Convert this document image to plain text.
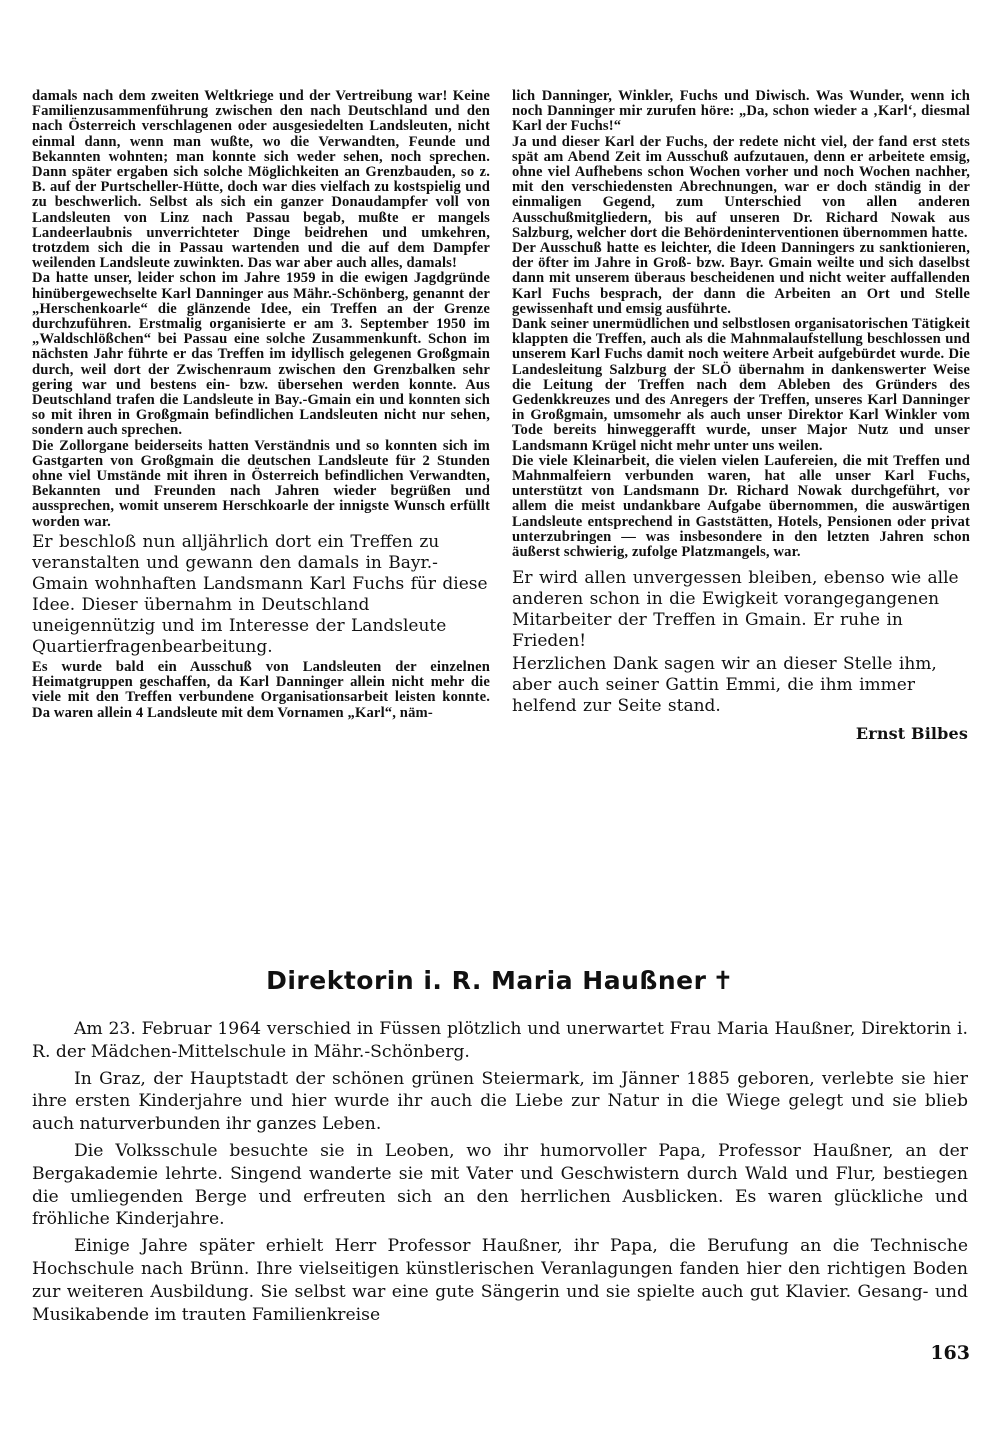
damals nach dem zweiten Weltkriege und der Vertreibung war! Keine Familienzusammenführung zwischen den nach Deutschland und den nach Österreich verschlagenen oder ausgesiedelten Landsleuten, nicht einmal dann, wenn man wußte, wo die Verwandten, Feunde und Bekannten wohnten; man konnte sich weder sehen, noch sprechen. Dann später ergaben sich solche Möglichkeiten an Grenzbauden, so z. B. auf der Purtscheller-Hütte, doch war dies vielfach zu kostspielig und zu beschwerlich. Selbst als sich ein ganzer Donaudampfer voll von Landsleuten von Linz nach Passau begab, mußte er mangels Landeerlaubnis unverrichteter Dinge beidrehen und umkehren, trotzdem sich die in Passau wartenden und die auf dem Dampfer weilenden Landsleute zuwinkten. Das war aber auch alles, damals!

Da hatte unser, leider schon im Jahre 1959 in die ewigen Jagdgründe hinübergewechselte Karl Danninger aus Mähr.-Schönberg, genannt der „Herschenkoarle“ die glänzende Idee, ein Treffen an der Grenze durchzuführen. Erstmalig organisierte er am 3. September 1950 im „Waldschlößchen“ bei Passau eine solche Zusammenkunft. Schon im nächsten Jahr führte er das Treffen im idyllisch gelegenen Großgmain durch, weil dort der Zwischenraum zwischen den Grenzbalken sehr gering war und bestens ein- bzw. übersehen werden konnte. Aus Deutschland trafen die Landsleute in Bay.-Gmain ein und konnten sich so mit ihren in Großgmain befindlichen Landsleuten nicht nur sehen, sondern auch sprechen.

Die Zollorgane beiderseits hatten Verständnis und so konnten sich im Gastgarten von Großgmain die deutschen Landsleute für 2 Stunden ohne viel Umstände mit ihren in Österreich befindlichen Verwandten, Bekannten und Freunden nach Jahren wieder begrüßen und aussprechen, womit unserem Herschkoarle der innigste Wunsch erfüllt worden war.

Er beschloß nun alljährlich dort ein Treffen zu veranstalten und gewann den damals in Bayr.-Gmain wohnhaften Landsmann Karl Fuchs für diese Idee. Dieser übernahm in Deutschland uneigennützig und im Interesse der Landsleute Quartierfragenbearbeitung.

Es wurde bald ein Ausschuß von Landsleuten der einzelnen Heimatgruppen geschaffen, da Karl Danninger allein nicht mehr die viele mit den Treffen verbundene Organisationsarbeit leisten konnte. Da waren allein 4 Landsleute mit dem Vornamen „Karl“, näm-

lich Danninger, Winkler, Fuchs und Diwisch. Was Wunder, wenn ich noch Danninger mir zurufen höre: „Da, schon wieder a ‚Karl‘, diesmal Karl der Fuchs!“

Ja und dieser Karl der Fuchs, der redete nicht viel, der fand erst stets spät am Abend Zeit im Ausschuß aufzutauen, denn er arbeitete emsig, ohne viel Aufhebens schon Wochen vorher und noch Wochen nachher, mit den verschiedensten Abrechnungen, war er doch ständig in der einmaligen Gegend, zum Unterschied von allen anderen Ausschußmitgliedern, bis auf unseren Dr. Richard Nowak aus Salzburg, welcher dort die Behördeninterventionen übernommen hatte.

Der Ausschuß hatte es leichter, die Ideen Danningers zu sanktionieren, der öfter im Jahre in Groß- bzw. Bayr. Gmain weilte und sich daselbst dann mit unserem überaus bescheidenen und nicht weiter auffallenden Karl Fuchs besprach, der dann die Arbeiten an Ort und Stelle gewissenhaft und emsig ausführte.

Dank seiner unermüdlichen und selbstlosen organisatorischen Tätigkeit klappten die Treffen, auch als die Mahnmalaufstellung beschlossen und unserem Karl Fuchs damit noch weitere Arbeit aufgebürdet wurde. Die Landesleitung Salzburg der SLÖ übernahm in dankenswerter Weise die Leitung der Treffen nach dem Ableben des Gründers des Gedenkkreuzes und des Anregers der Treffen, unseres Karl Danninger in Großgmain, umsomehr als auch unser Direktor Karl Winkler vom Tode bereits hinweggerafft wurde, unser Major Nutz und unser Landsmann Krügel nicht mehr unter uns weilen.

Die viele Kleinarbeit, die vielen vielen Laufereien, die mit Treffen und Mahnmalfeiern verbunden waren, hat alle unser Karl Fuchs, unterstützt von Landsmann Dr. Richard Nowak durchgeführt, vor allem die meist undankbare Aufgabe übernommen, die auswärtigen Landsleute entsprechend in Gaststätten, Hotels, Pensionen oder privat unterzubringen — was insbesondere in den letzten Jahren schon äußerst schwierig, zufolge Platzmangels, war.

Er wird allen unvergessen bleiben, ebenso wie alle anderen schon in die Ewigkeit vorangegangenen Mitarbeiter der Treffen in Gmain. Er ruhe in Frieden!

Herzlichen Dank sagen wir an dieser Stelle ihm, aber auch seiner Gattin Emmi, die ihm immer helfend zur Seite stand.

Ernst Bilbes
Direktorin i. R. Maria Haußner ✝

Am 23. Februar 1964 verschied in Füssen plötzlich und unerwartet Frau Maria Haußner, Direktorin i. R. der Mädchen-Mittelschule in Mähr.-Schönberg.

In Graz, der Hauptstadt der schönen grünen Steiermark, im Jänner 1885 geboren, verlebte sie hier ihre ersten Kinderjahre und hier wurde ihr auch die Liebe zur Natur in die Wiege gelegt und sie blieb auch naturverbunden ihr ganzes Leben.

Die Volksschule besuchte sie in Leoben, wo ihr humorvoller Papa, Professor Haußner, an der Bergakademie lehrte. Singend wanderte sie mit Vater und Geschwistern durch Wald und Flur, bestiegen die umliegenden Berge und erfreuten sich an den herrlichen Ausblicken. Es waren glückliche und fröhliche Kinderjahre.

Einige Jahre später erhielt Herr Professor Haußner, ihr Papa, die Berufung an die Technische Hochschule nach Brünn. Ihre vielseitigen künstlerischen Veranlagungen fanden hier den richtigen Boden zur weiteren Ausbildung. Sie selbst war eine gute Sängerin und sie spielte auch gut Klavier. Gesang- und Musikabende im trauten Familienkreise

163
